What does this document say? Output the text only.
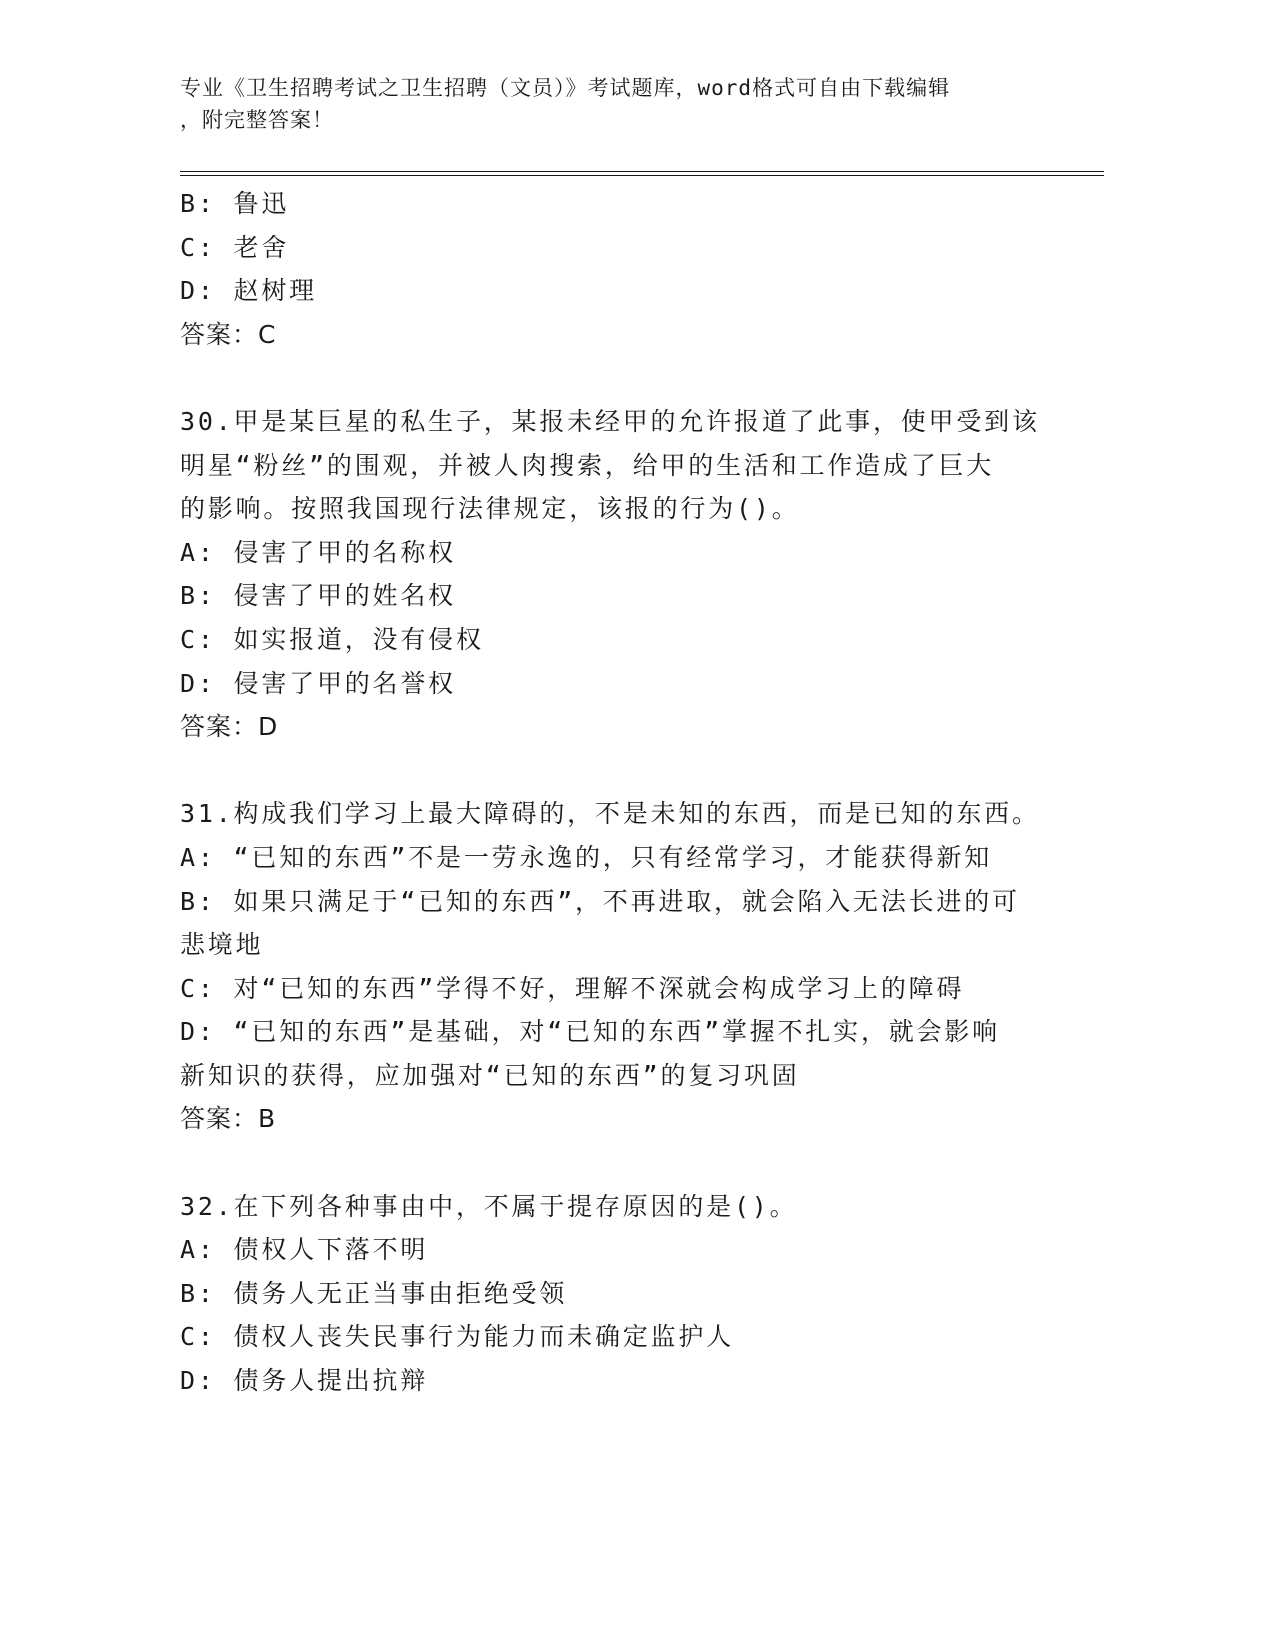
专业《卫生招聘考试之卫生招聘（文员）》考试题库，word格式可自由下载编辑
，附完整答案！
B: 鲁迅
C: 老舍
D: 赵树理
答案：C
30.甲是某巨星的私生子，某报未经甲的允许报道了此事，使甲受到该
明星“粉丝”的围观，并被人肉搜索，给甲的生活和工作造成了巨大
的影响。按照我国现行法律规定，该报的行为()。
A: 侵害了甲的名称权
B: 侵害了甲的姓名权
C: 如实报道，没有侵权
D: 侵害了甲的名誉权
答案：D
31.构成我们学习上最大障碍的，不是未知的东西，而是已知的东西。
A: “已知的东西”不是一劳永逸的，只有经常学习，才能获得新知
B: 如果只满足于“已知的东西”，不再进取，就会陷入无法长进的可
悲境地
C: 对“已知的东西”学得不好，理解不深就会构成学习上的障碍
D: “已知的东西”是基础，对“已知的东西”掌握不扎实，就会影响
新知识的获得，应加强对“已知的东西”的复习巩固
答案：B
32.在下列各种事由中，不属于提存原因的是()。
A: 债权人下落不明
B: 债务人无正当事由拒绝受领
C: 债权人丧失民事行为能力而未确定监护人
D: 债务人提出抗辩
